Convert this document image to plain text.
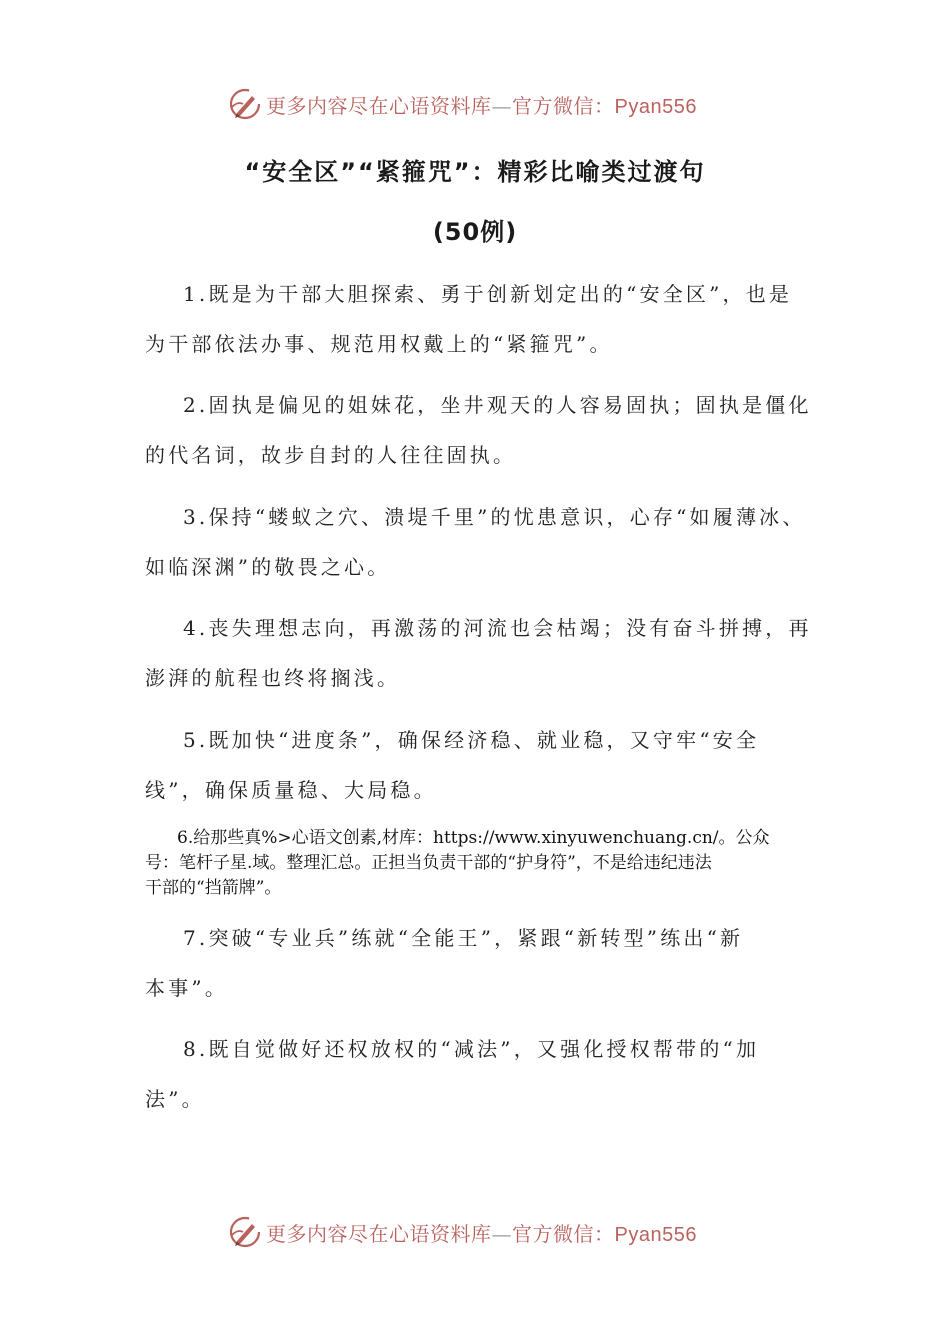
更多内容尽在心语资料库—官方微信：Pyan556
“安全区”“紧箍咒”：精彩比喻类过渡句
(50例)
1.既是为干部大胆探索、勇于创新划定出的“安全区”，也是
为干部依法办事、规范用权戴上的“紧箍咒”。
2.固执是偏见的姐妹花，坐井观天的人容易固执；固执是僵化
的代名词，故步自封的人往往固执。
3.保持“蝼蚁之穴、溃堤千里”的忧患意识，心存“如履薄冰、
如临深渊”的敬畏之心。
4.丧失理想志向，再激荡的河流也会枯竭；没有奋斗拼搏，再
澎湃的航程也终将搁浅。
5.既加快“进度条”，确保经济稳、就业稳，又守牢“安全
线”，确保质量稳、大局稳。
6.给那些真%>心语文创素,材库：https://www.xinyuwenchuang.cn/。公众
号：笔杆子星.域。整理汇总。正担当负责干部的“护身符”，不是给违纪违法
干部的“挡箭牌”。
7.突破“专业兵”练就“全能王”，紧跟“新转型”练出“新
本事”。
8.既自觉做好还权放权的“减法”，又强化授权帮带的“加
法”。
更多内容尽在心语资料库—官方微信：Pyan556
